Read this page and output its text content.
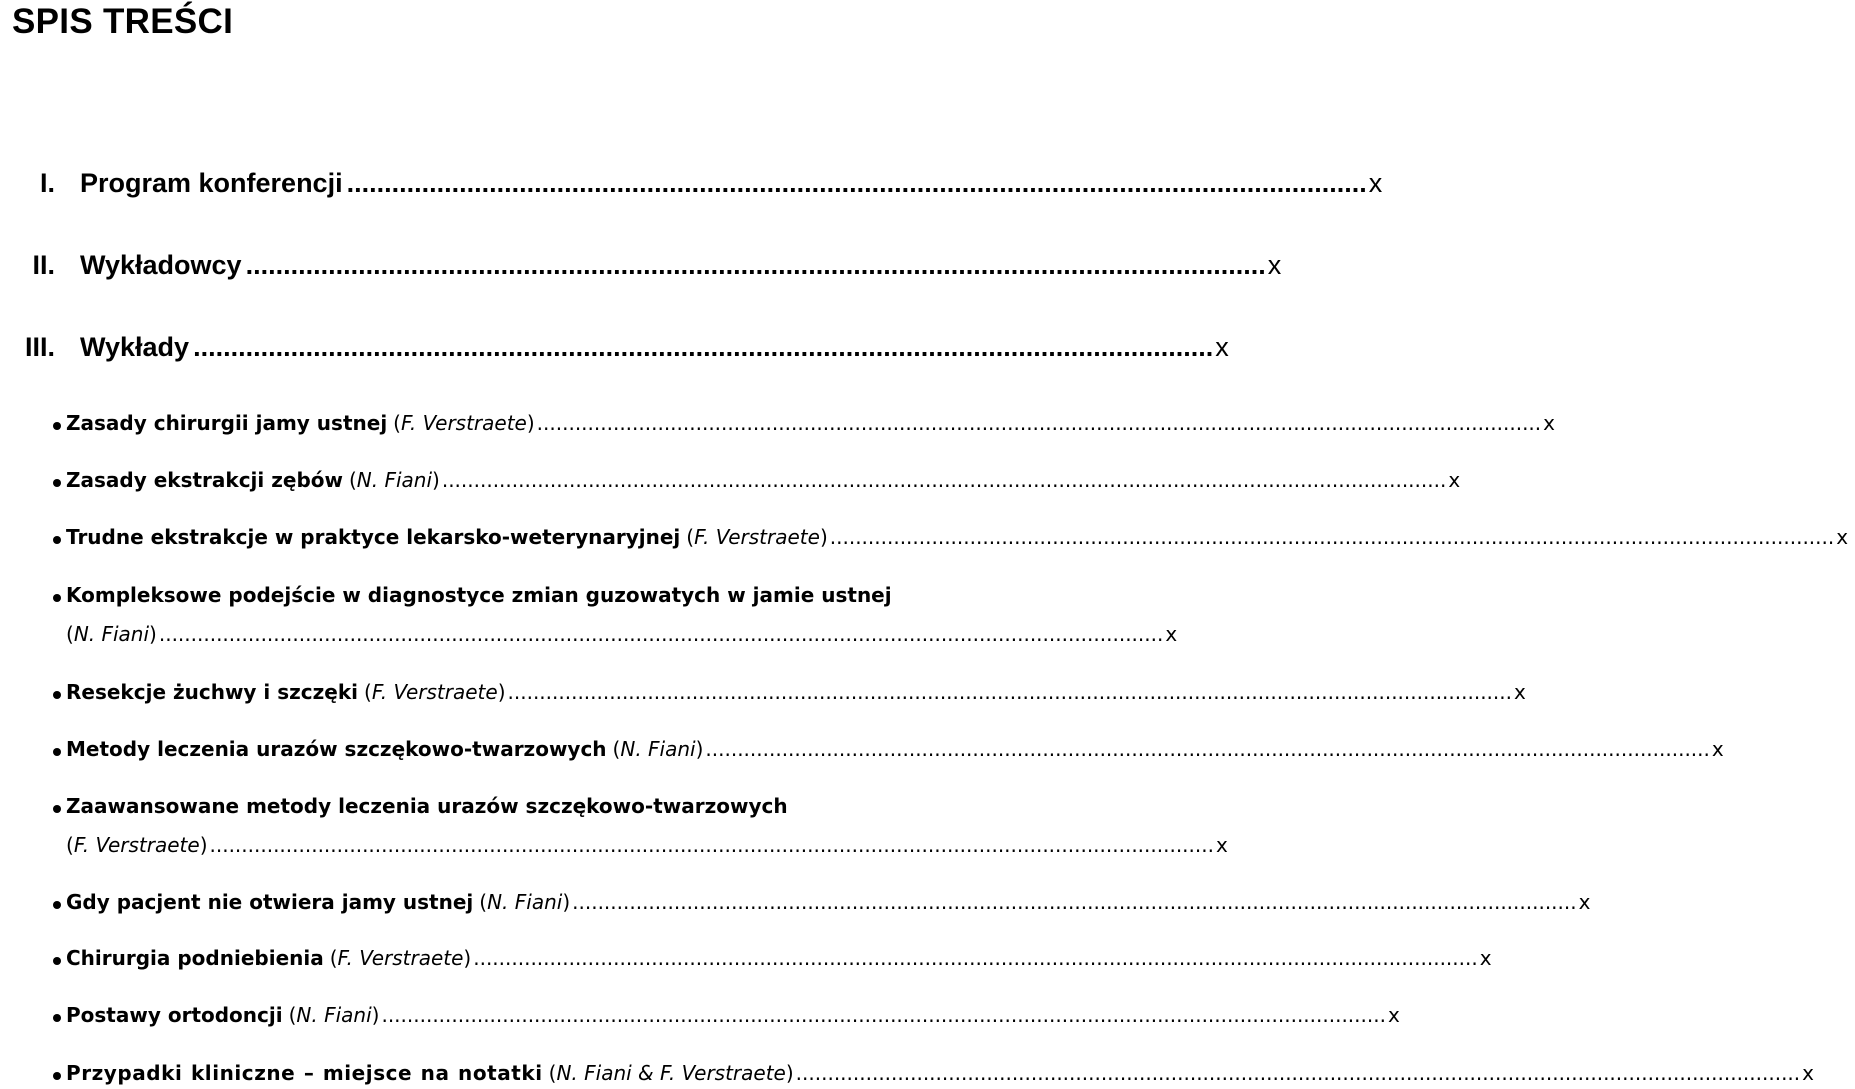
SPIS TREŚCI
I. Program konferencji ........................................................................................................................................ x
II. Wykładowcy ........................................................................................................................................ x
III. Wykłady ........................................................................................................................................ x
Zasady chirurgii jamy ustnej (F. Verstraete) .............................................................................................................................................................. x
Zasady ekstrakcji zębów (N. Fiani) .............................................................................................................................................................. x
Trudne ekstrakcje w praktyce lekarsko-weterynaryjnej (F. Verstraete) .............................................................................................................................................................. x
Kompleksowe podejście w diagnostyce zmian guzowatych w jamie ustnej
(N. Fiani) .............................................................................................................................................................. x
Resekcje żuchwy i szczęki (F. Verstraete) .............................................................................................................................................................. x
Metody leczenia urazów szczękowo-twarzowych (N. Fiani) .............................................................................................................................................................. x
Zaawansowane metody leczenia urazów szczękowo-twarzowych
(F. Verstraete) .............................................................................................................................................................. x
Gdy pacjent nie otwiera jamy ustnej (N. Fiani) .............................................................................................................................................................. x
Chirurgia podniebienia (F. Verstraete) .............................................................................................................................................................. x
Postawy ortodoncji (N. Fiani) .............................................................................................................................................................. x
Przypadki kliniczne – miejsce na notatki (N. Fiani & F. Verstraete) .............................................................................................................................................................. x
